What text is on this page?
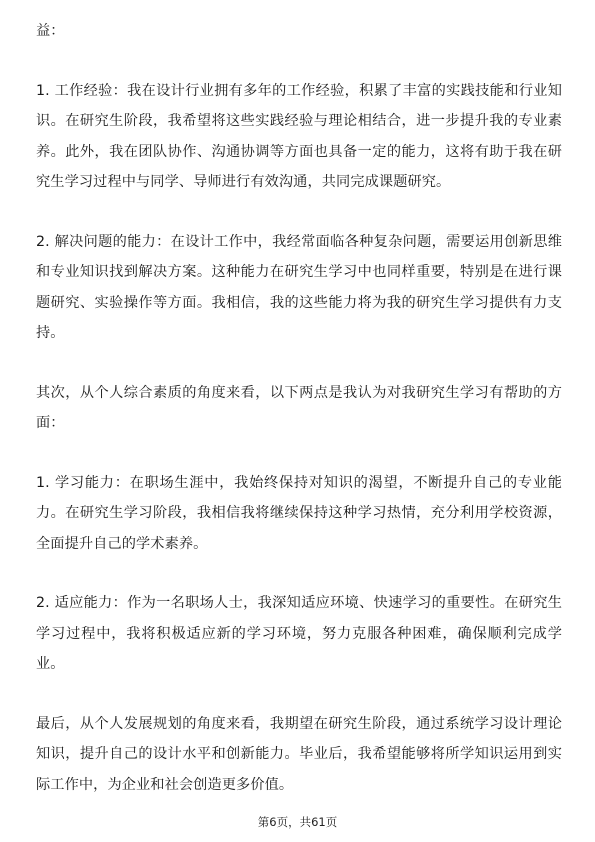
益：

1. 工作经验：我在设计行业拥有多年的工作经验，积累了丰富的实践技能和行业知识。在研究生阶段，我希望将这些实践经验与理论相结合，进一步提升我的专业素养。此外，我在团队协作、沟通协调等方面也具备一定的能力，这将有助于我在研究生学习过程中与同学、导师进行有效沟通，共同完成课题研究。

2. 解决问题的能力：在设计工作中，我经常面临各种复杂问题，需要运用创新思维和专业知识找到解决方案。这种能力在研究生学习中也同样重要，特别是在进行课题研究、实验操作等方面。我相信，我的这些能力将为我的研究生学习提供有力支持。

其次，从个人综合素质的角度来看，以下两点是我认为对我研究生学习有帮助的方面：

1. 学习能力：在职场生涯中，我始终保持对知识的渴望，不断提升自己的专业能力。在研究生学习阶段，我相信我将继续保持这种学习热情，充分利用学校资源，全面提升自己的学术素养。

2. 适应能力：作为一名职场人士，我深知适应环境、快速学习的重要性。在研究生学习过程中，我将积极适应新的学习环境，努力克服各种困难，确保顺利完成学业。

最后，从个人发展规划的角度来看，我期望在研究生阶段，通过系统学习设计理论知识，提升自己的设计水平和创新能力。毕业后，我希望能够将所学知识运用到实际工作中，为企业和社会创造更多价值。

第6页，共61页
